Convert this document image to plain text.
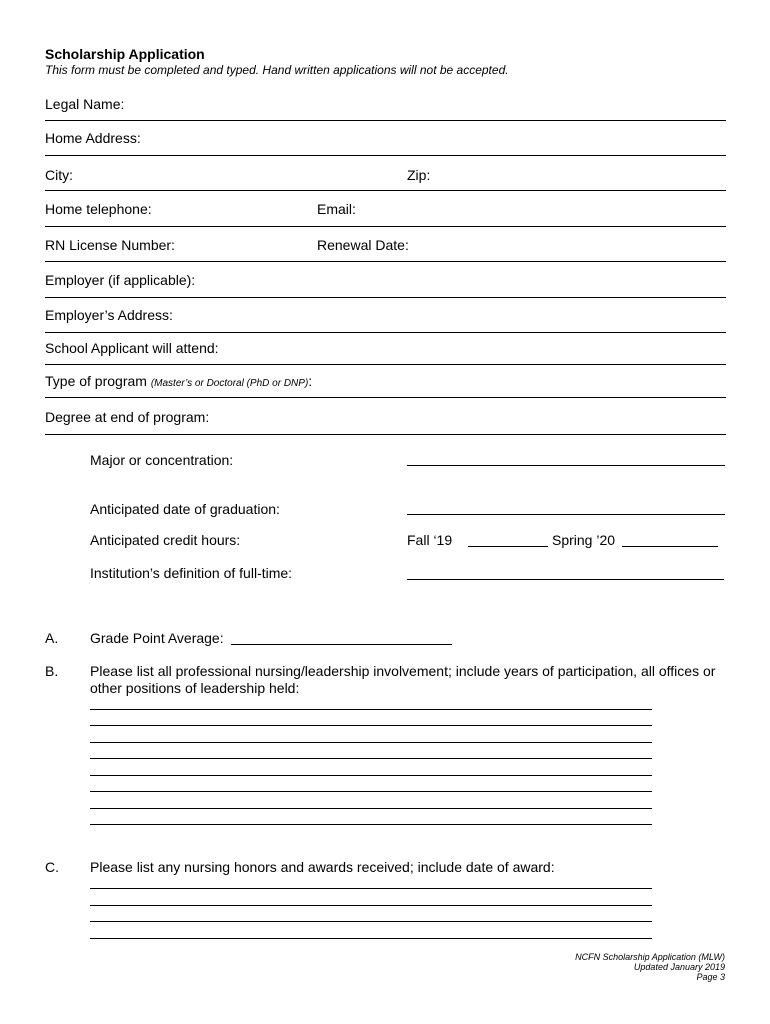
Scholarship Application
This form must be completed and typed. Hand written applications will not be accepted.
Legal Name:
Home Address:
City:	Zip:
Home telephone:	Email:
RN License Number:	Renewal Date:
Employer (if applicable):
Employer’s Address:
School Applicant will attend:
Type of program (Master’s or Doctoral (PhD or DNP):
Degree at end of program:
Major or concentration:
Anticipated date of graduation:
Anticipated credit hours:	Fall ‘19	Spring ’20
Institution’s definition of full-time:
A. Grade Point Average:
B. Please list all professional nursing/leadership involvement; include years of participation, all offices or
other positions of leadership held:
C. Please list any nursing honors and awards received; include date of award:
NCFN Scholarship Application (MLW)
Updated January 2019
Page 3
